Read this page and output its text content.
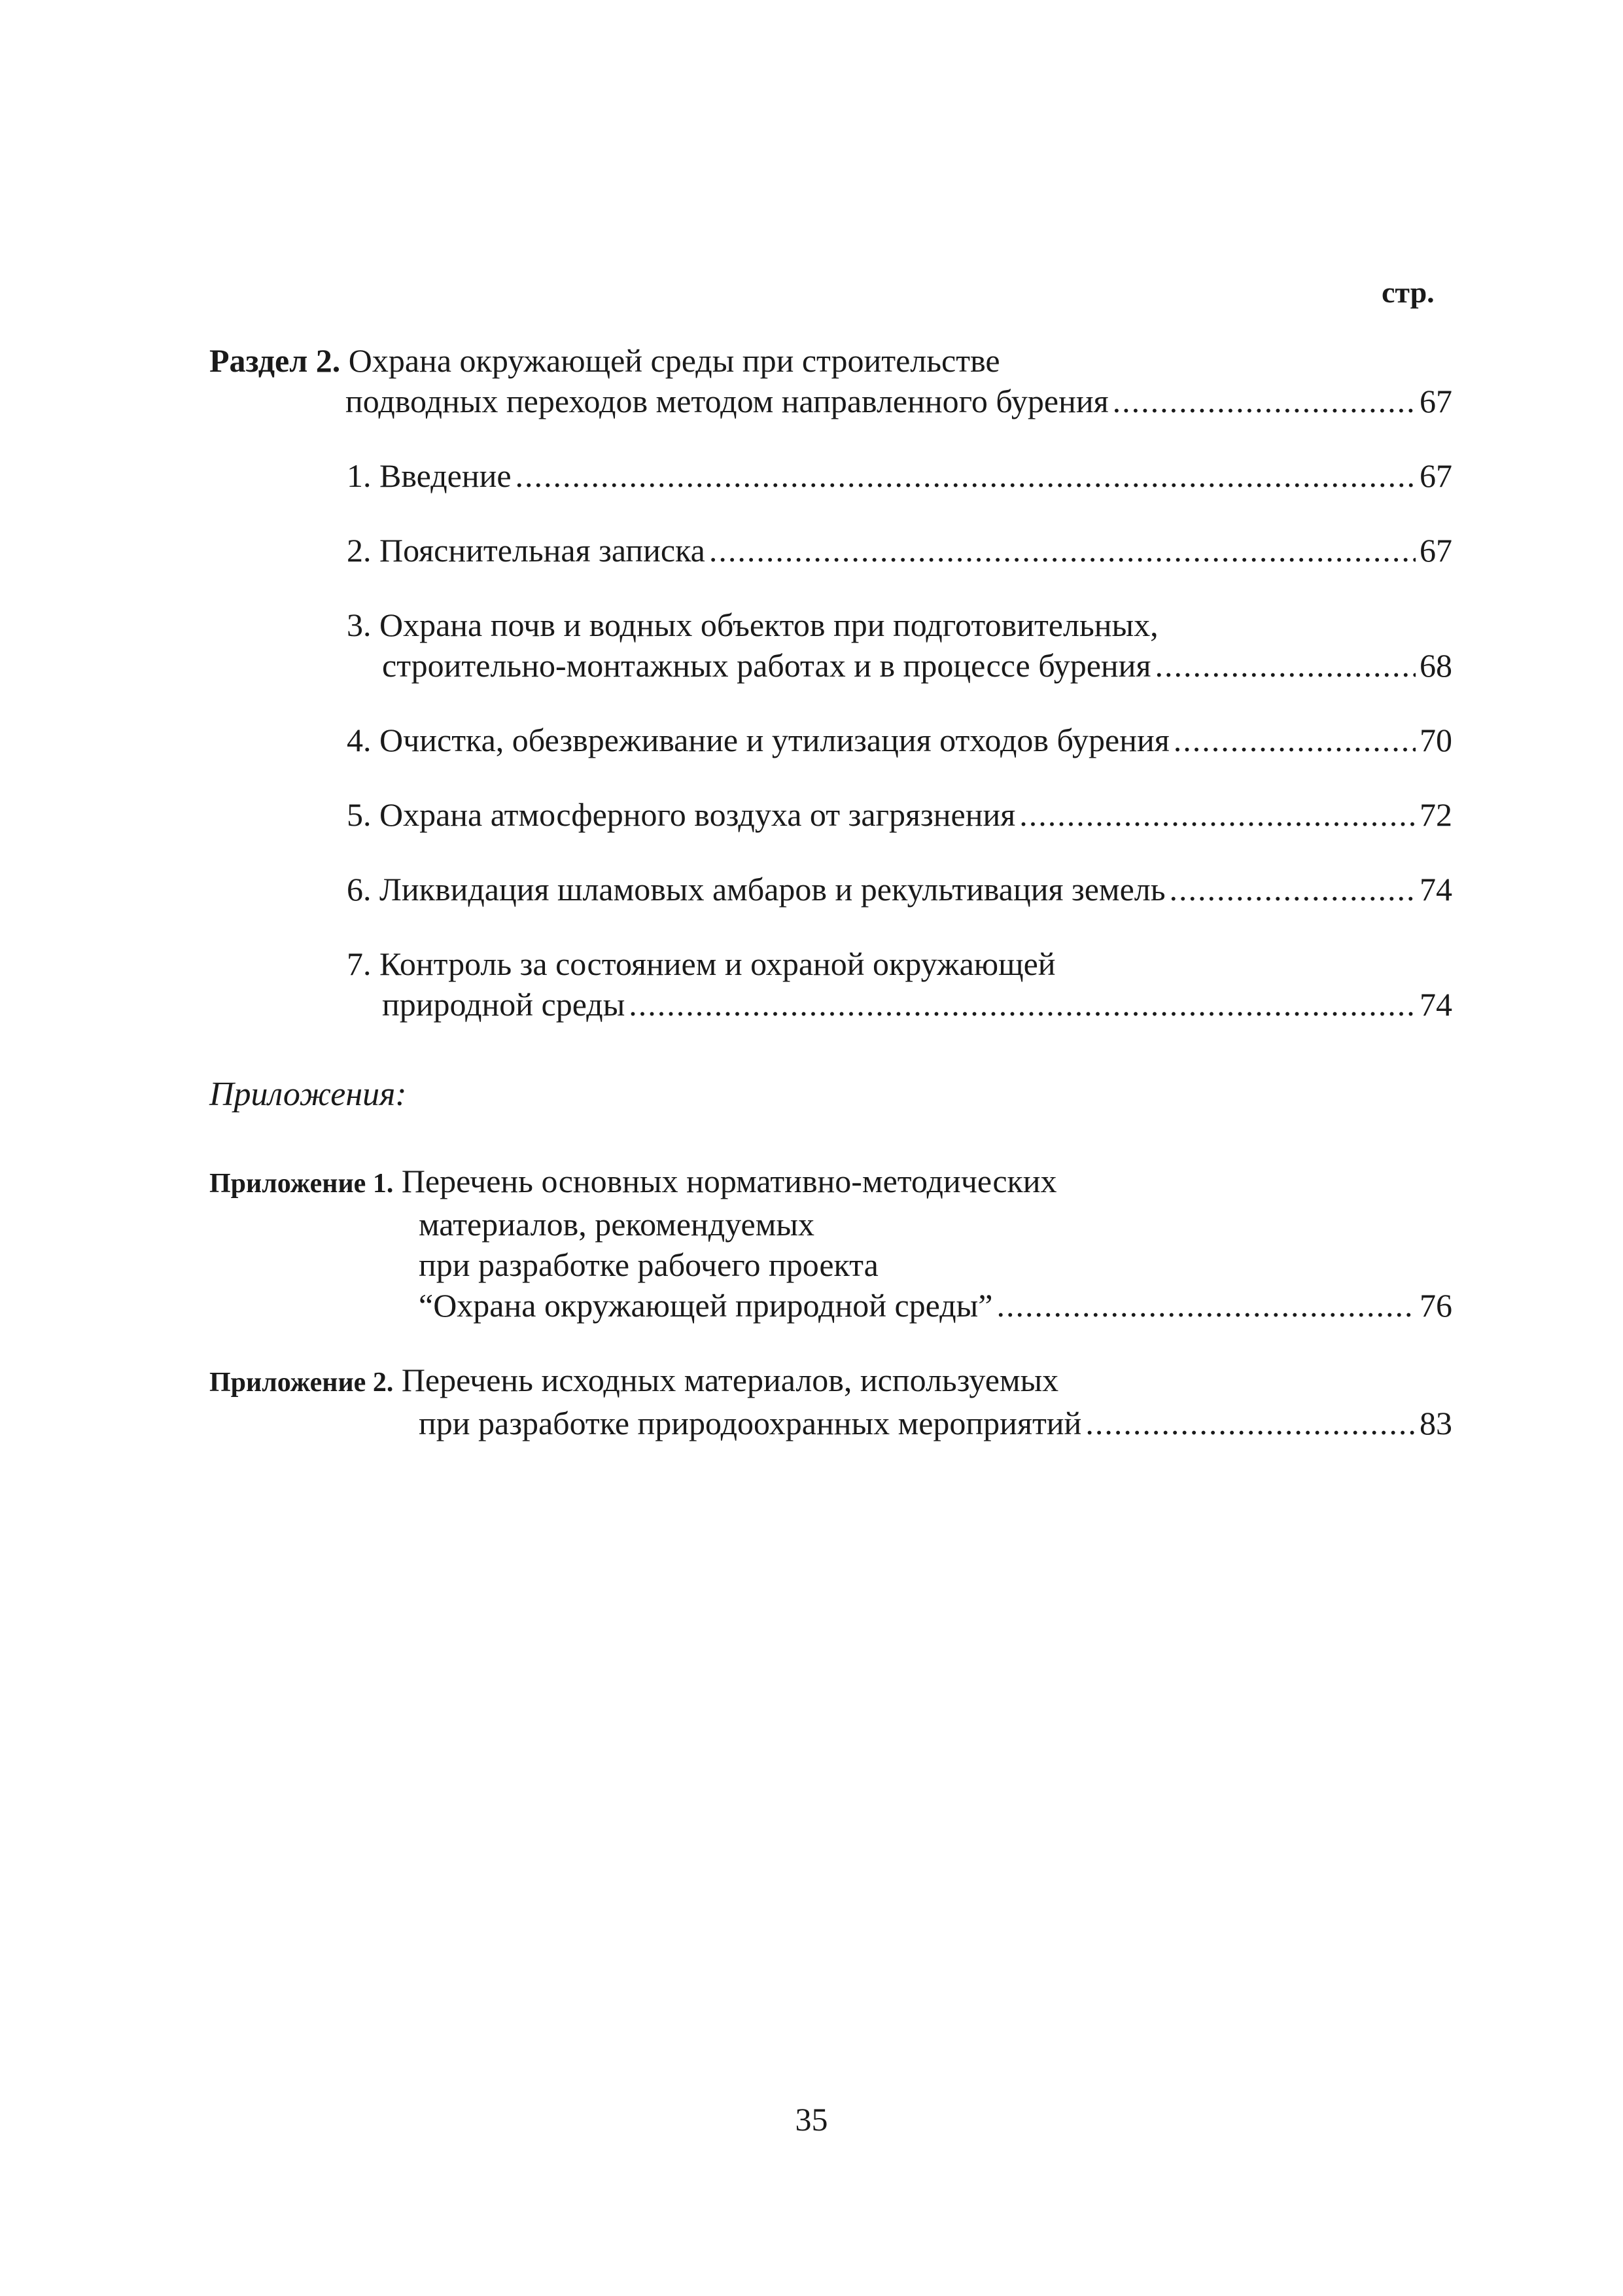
стр.
Раздел 2. Охрана окружающей среды при строительстве
подводных переходов методом направленного бурения .....	67
1. Введение .....	67
2. Пояснительная записка .....	67
3. Охрана почв и водных объектов при подготовительных,
строительно-монтажных работах и в процессе бурения .....	68
4. Очистка, обезвреживание и утилизация отходов бурения .....	70
5. Охрана атмосферного воздуха от загрязнения .....	72
6. Ликвидация шламовых амбаров и рекультивация земель .....	74
7. Контроль за состоянием и охраной окружающей
природной среды .....	74
Приложения:
Приложение 1. Перечень основных нормативно-методических
материалов, рекомендуемых
при разработке рабочего проекта
“Охрана окружающей природной среды” .....	76
Приложение 2. Перечень исходных материалов, используемых
при разработке природоохранных мероприятий .....	83
35
